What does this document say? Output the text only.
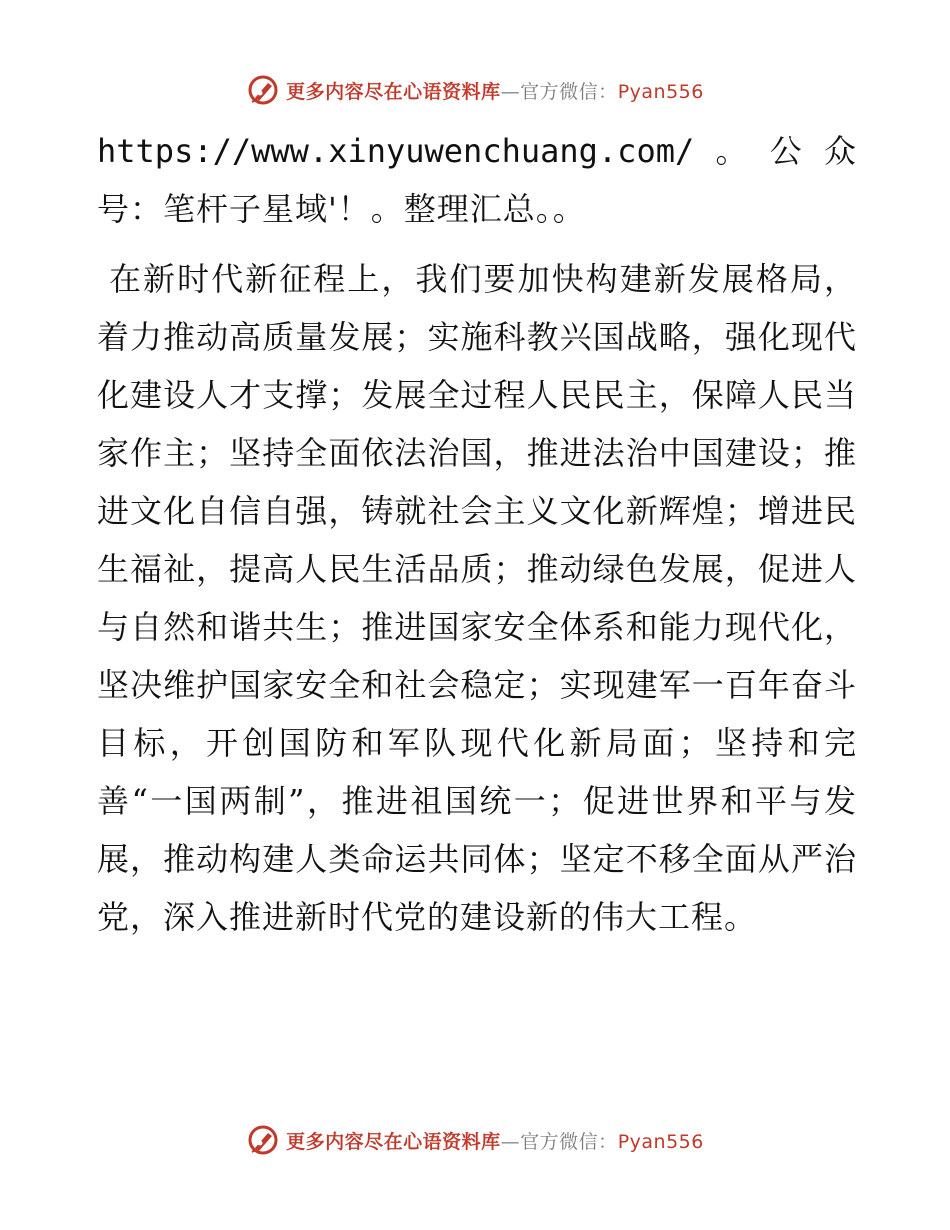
更多内容尽在心语资料库—官方微信：Pyan556

https://www.xinyuwenchuang.com/。公众号：笔杆子星域'！。整理汇总。。

在新时代新征程上，我们要加快构建新发展格局，着力推动高质量发展；实施科教兴国战略，强化现代化建设人才支撑；发展全过程人民民主，保障人民当家作主；坚持全面依法治国，推进法治中国建设；推进文化自信自强，铸就社会主义文化新辉煌；增进民生福祉，提高人民生活品质；推动绿色发展，促进人与自然和谐共生；推进国家安全体系和能力现代化，坚决维护国家安全和社会稳定；实现建军一百年奋斗目标，开创国防和军队现代化新局面；坚持和完善“一国两制”，推进祖国统一；促进世界和平与发展，推动构建人类命运共同体；坚定不移全面从严治党，深入推进新时代党的建设新的伟大工程。

更多内容尽在心语资料库—官方微信：Pyan556
